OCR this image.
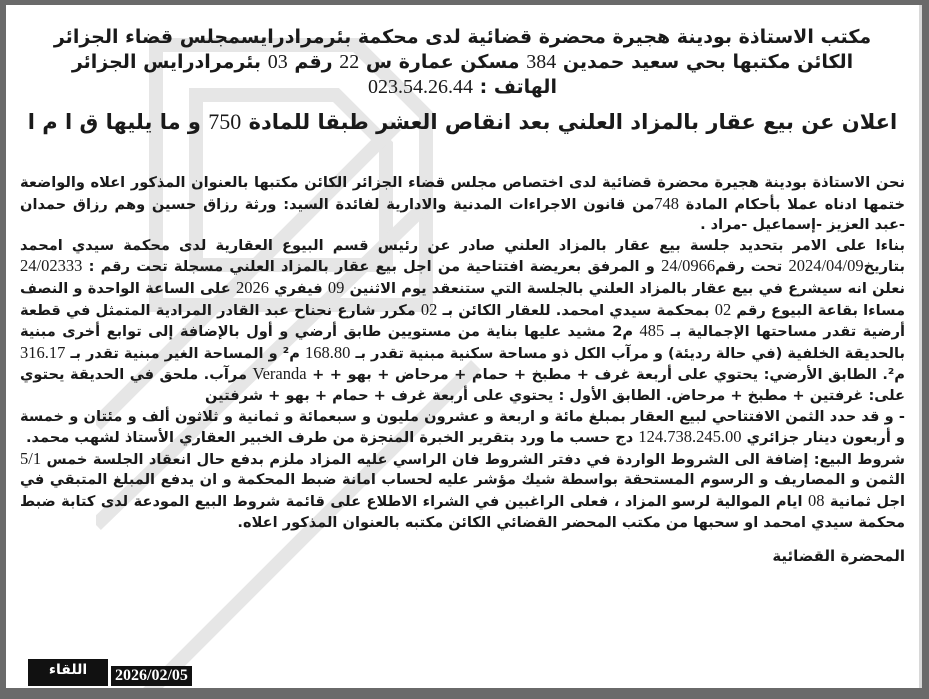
مكتب الاستاذة بودينة هجيرة محضرة قضائية لدى محكمة بئرمرادرايسمجلس قضاء الجزائر
الكائن مكتبها بحي سعيد حمدين 384 مسكن عمارة س 22 رقم 03 بئرمرادرايس الجزائر
الهاتف : 023.54.26.44
اعلان عن بيع عقار بالمزاد العلني بعد انقاص العشر طبقا للمادة 750 و ما يليها ق ا م ا

نحن الاستاذة بودينة هجيرة محضرة قضائية لدى اختصاص مجلس قضاء الجزائر الكائن مكتبها بالعنوان المذكور اعلاه والواضعة ختمها ادناه عملا بأحكام المادة 748من قانون الاجراءات المدنية والادارية لفائدة السيد: ورثة رزاق حسين وهم رزاق حمدان -عبد العزيز -إسماعيل -مراد .

بناءا على الامر بتحديد جلسة بيع عقار بالمزاد العلني صادر عن رئيس قسم البيوع العقارية لدى محكمة سيدي امحمد بتاريخ2024/04/09 تحت رقم24/0966 و المرفق بعريضة افتتاحية من اجل بيع عقار بالمزاد العلني مسجلة تحت رقم : 24/02333 نعلن انه سيشرع في بيع عقار بالمزاد العلني بالجلسة التي ستنعقد يوم الاثنين 09 فيفري 2026 على الساعة الواحدة و النصف مساءا بقاعة البيوع رقم 02 بمحكمة سيدي امحمد. للعقار الكائن بـ 02 مكرر شارع نحناح عبد القادر المرادية المتمثل في قطعة أرضية تقدر مساحتها الإجمالية بـ 485 م2 مشيد عليها بناية من مستويين طابق أرضي و أول بالإضافة إلى توابع أخرى مبنية بالحديقة الخلفية (في حالة رديئة) و مرآب الكل ذو مساحة سكنية مبنية تقدر بـ 168.80 م² و المساحة الغير مبنية تقدر بـ 316.17 م². الطابق الأرضي: يحتوي على أربعة غرف + مطبخ + حمام + مرحاض + بهو + + Veranda مرآب. ملحق في الحديقة يحتوي على: غرفتين + مطبخ + مرحاض. الطابق الأول : يحتوي على أربعة غرف + حمام + بهو + شرفتين

- و قد حدد الثمن الافتتاحي لبيع العقار بمبلغ مائة و اربعة و عشرون مليون و سبعمائة و ثمانية و ثلاثون ألف و مئتان و خمسة و أربعون دينار جزائري 124.738.245.00 دج حسب ما ورد بتقرير الخبرة المنجزة من طرف الخبير العقاري الأستاذ لشهب محمد.

شروط البيع: إضافة الى الشروط الواردة في دفتر الشروط فان الراسي عليه المزاد ملزم بدفع حال انعقاد الجلسة خمس 5/1 الثمن و المصاريف و الرسوم المستحقة بواسطة شيك مؤشر عليه لحساب امانة ضبط المحكمة و ان يدفع المبلغ المتبقي في اجل ثمانية 08 ايام الموالية لرسو المزاد ، فعلى الراغبين في الشراء الاطلاع على قائمة شروط البيع المودعة لدى كتابة ضبط محكمة سيدي امحمد او سحبها من مكتب المحضر القضائي الكائن مكتبه بالعنوان المذكور اعلاه.

المحضرة القضائية
اللقاء	2026/02/05
